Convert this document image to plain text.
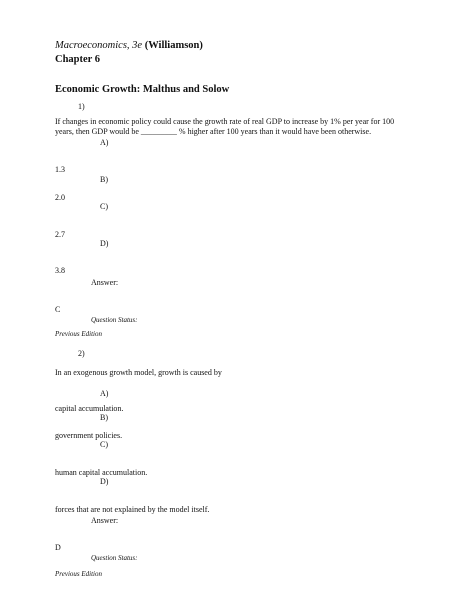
Macroeconomics, 3e (Williamson)
Chapter 6
Economic Growth: Malthus and Solow
1)
If changes in economic policy could cause the growth rate of real GDP to increase by 1% per year for 100
years, then GDP would be _________ % higher after 100 years than it would have been otherwise.
A)
1.3
B)
2.0
C)
2.7
D)
3.8
Answer:
C
Question Status:
Previous Edition
2)
In an exogenous growth model, growth is caused by
A)
capital accumulation.
B)
government policies.
C)
human capital accumulation.
D)
forces that are not explained by the model itself.
Answer:
D
Question Status:
Previous Edition
